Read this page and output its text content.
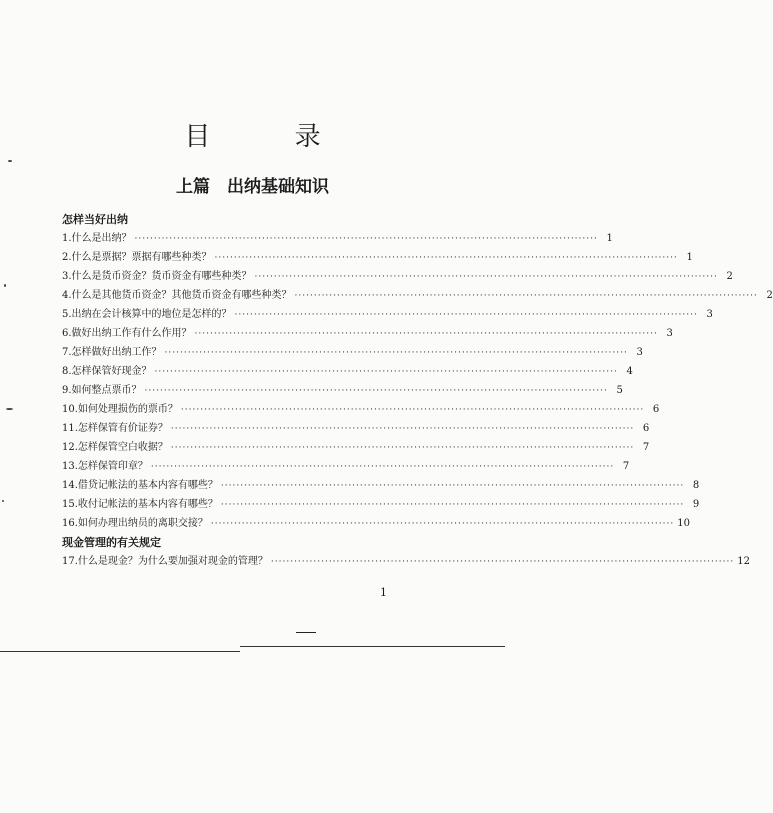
目 录
上篇　出纳基础知识
怎样当好出纳
1. 什么是出纳？ ························································································································ 1
2. 什么是票据？票据有哪些种类？ ························································································································ 1
3. 什么是货币资金？货币资金有哪些种类？ ························································································································ 2
4. 什么是其他货币资金？其他货币资金有哪些种类？ ························································································································ 2
5. 出纳在会计核算中的地位是怎样的？ ························································································································ 3
6. 做好出纳工作有什么作用？ ························································································································ 3
7. 怎样做好出纳工作？ ························································································································ 3
8. 怎样保管好现金？ ························································································································ 4
9. 如何整点票币？ ························································································································ 5
10. 如何处理损伤的票币？ ························································································································ 6
11. 怎样保管有价证券？ ························································································································ 6
12. 怎样保管空白收据？ ························································································································ 7
13. 怎样保管印章？ ························································································································ 7
14. 借贷记帐法的基本内容有哪些？ ························································································································ 8
15. 收付记帐法的基本内容有哪些？ ························································································································ 9
16. 如何办理出纳员的离职交接？ ························································································································ 10
现金管理的有关规定
17. 什么是现金？为什么要加强对现金的管理？ ························································································································ 12
1
